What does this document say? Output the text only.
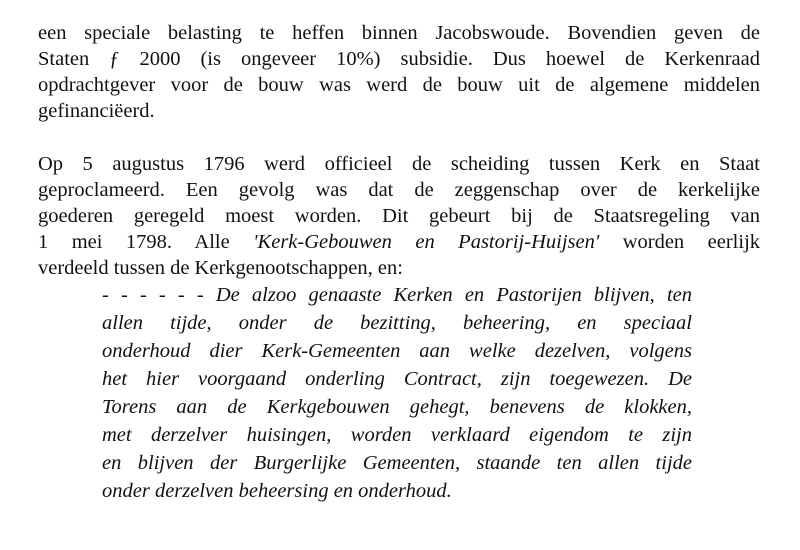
een speciale belasting te heffen binnen Jacobswoude. Bovendien geven de
Staten ƒ 2000 (is ongeveer 10%) subsidie. Dus hoewel de Kerkenraad
opdrachtgever voor de bouw was werd de bouw uit de algemene middelen
gefinanciëerd.
Op 5 augustus 1796 werd officieel de scheiding tussen Kerk en Staat
geproclameerd. Een gevolg was dat de zeggenschap over de kerkelijke
goederen geregeld moest worden. Dit gebeurt bij de Staatsregeling van
1 mei 1798. Alle 'Kerk-Gebouwen en Pastorij-Huijsen' worden eerlijk
verdeeld tussen de Kerkgenootschappen, en:
- - - - - - De alzoo genaaste Kerken en Pastorijen blijven, ten
allen tijde, onder de bezitting, beheering, en speciaal
onderhoud dier Kerk-Gemeenten aan welke dezelven, volgens
het hier voorgaand onderling Contract, zijn toegewezen. De
Torens aan de Kerkgebouwen gehegt, benevens de klokken,
met derzelver huisingen, worden verklaard eigendom te zijn
en blijven der Burgerlijke Gemeenten, staande ten allen tijde
onder derzelven beheersing en onderhoud.
